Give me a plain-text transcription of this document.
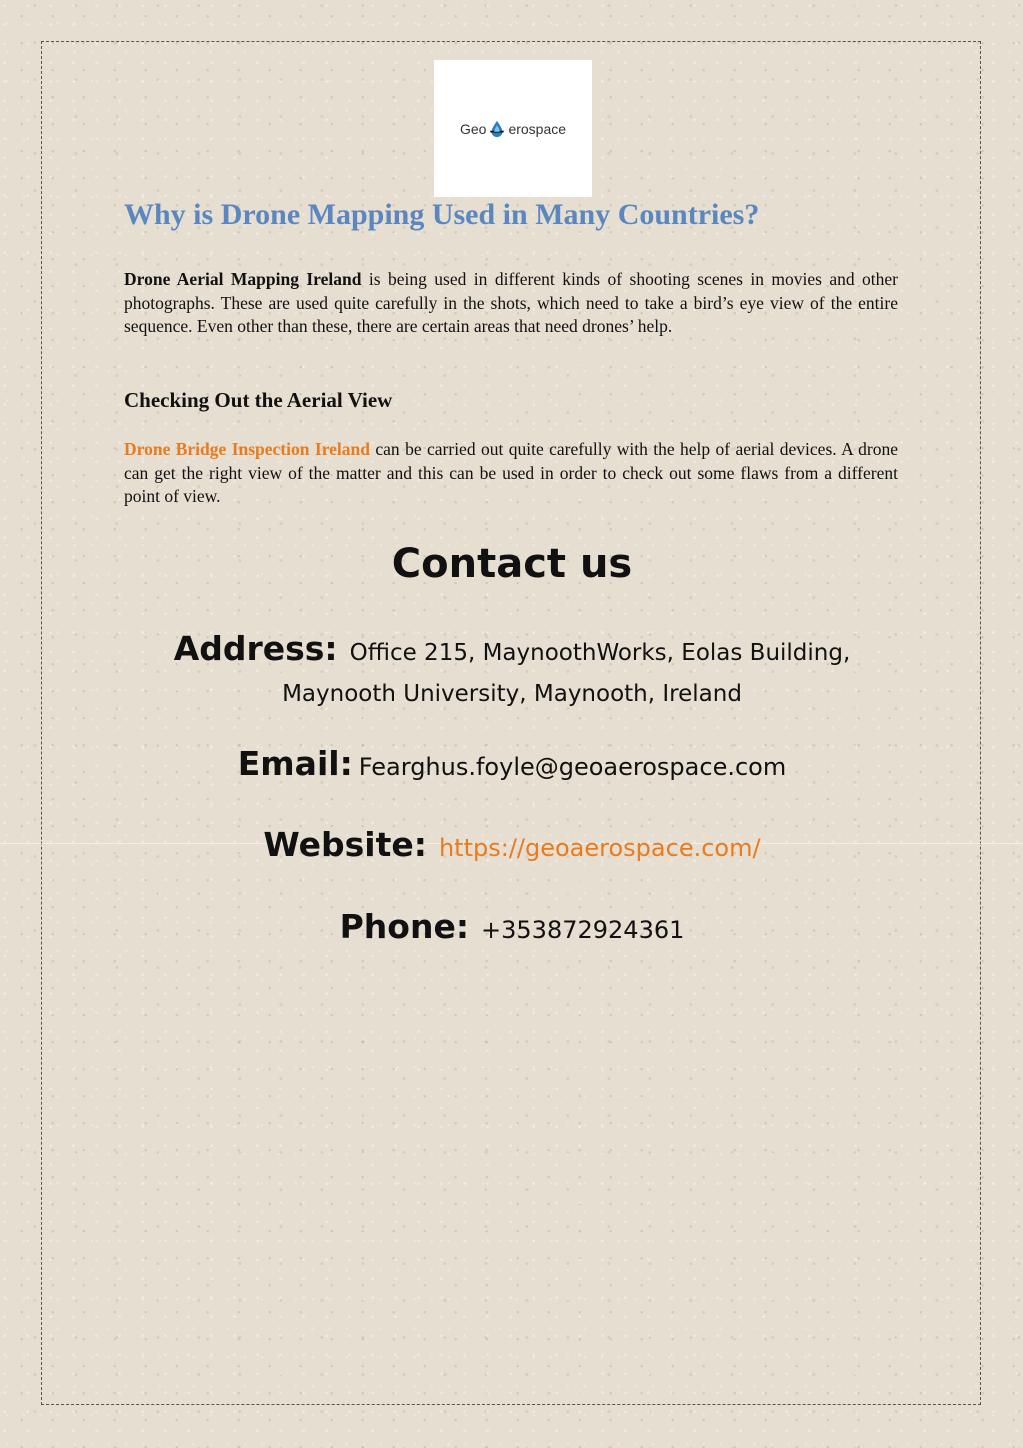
Geo erospace
Why is Drone Mapping Used in Many Countries?

Drone Aerial Mapping Ireland is being used in different kinds of shooting scenes in movies and other photographs. These are used quite carefully in the shots, which need to take a bird’s eye view of the entire sequence. Even other than these, there are certain areas that need drones’ help.

Checking Out the Aerial View

Drone Bridge Inspection Ireland can be carried out quite carefully with the help of aerial devices. A drone can get the right view of the matter and this can be used in order to check out some flaws from a different point of view.

Contact us
Address: Office 215, MaynoothWorks, Eolas Building,
Maynooth University, Maynooth, Ireland
Email: Fearghus.foyle@geoaerospace.com
Website: https://geoaerospace.com/
Phone: +353872924361
